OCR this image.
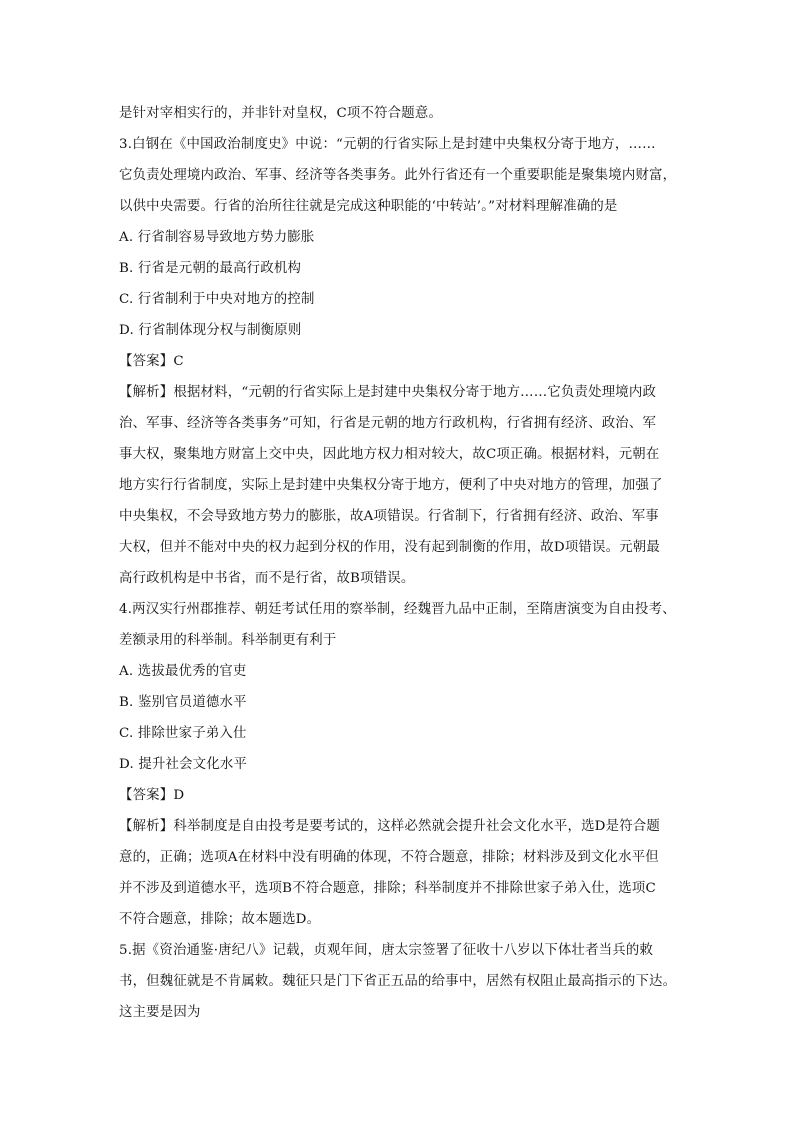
是针对宰相实行的，并非针对皇权，C项不符合题意。
3.白钢在《中国政治制度史》中说：“元朝的行省实际上是封建中央集权分寄于地方，……
它负责处理境内政治、军事、经济等各类事务。此外行省还有一个重要职能是聚集境内财富，
以供中央需要。行省的治所往往就是完成这种职能的‘中转站’。”对材料理解准确的是
A. 行省制容易导致地方势力膨胀
B. 行省是元朝的最高行政机构
C. 行省制利于中央对地方的控制
D. 行省制体现分权与制衡原则
【答案】C
【解析】根据材料，“元朝的行省实际上是封建中央集权分寄于地方……它负责处理境内政
治、军事、经济等各类事务”可知，行省是元朝的地方行政机构，行省拥有经济、政治、军
事大权，聚集地方财富上交中央，因此地方权力相对较大，故C项正确。根据材料，元朝在
地方实行行省制度，实际上是封建中央集权分寄于地方，便利了中央对地方的管理，加强了
中央集权，不会导致地方势力的膨胀，故A项错误。行省制下，行省拥有经济、政治、军事
大权，但并不能对中央的权力起到分权的作用，没有起到制衡的作用，故D项错误。元朝最
高行政机构是中书省，而不是行省，故B项错误。
4.两汉实行州郡推荐、朝廷考试任用的察举制，经魏晋九品中正制，至隋唐演变为自由投考、
差额录用的科举制。科举制更有利于
A. 选拔最优秀的官吏
B. 鉴别官员道德水平
C. 排除世家子弟入仕
D. 提升社会文化水平
【答案】D
【解析】科举制度是自由投考是要考试的，这样必然就会提升社会文化水平，选D是符合题
意的，正确；选项A在材料中没有明确的体现，不符合题意，排除；材料涉及到文化水平但
并不涉及到道德水平，选项B不符合题意，排除；科举制度并不排除世家子弟入仕，选项C
不符合题意，排除；故本题选D。
5.据《资治通鉴·唐纪八》记载，贞观年间，唐太宗签署了征收十八岁以下体壮者当兵的敕
书，但魏征就是不肯属敕。魏征只是门下省正五品的给事中，居然有权阻止最高指示的下达。
这主要是因为
